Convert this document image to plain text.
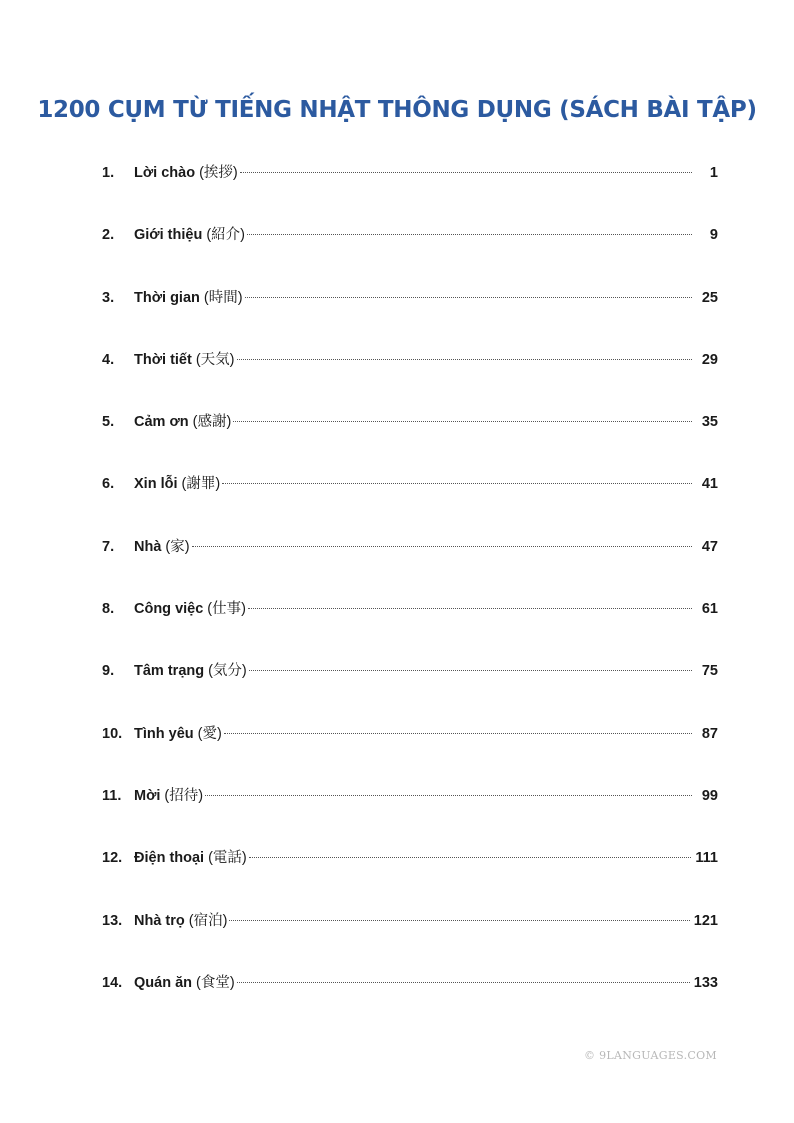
1200 CỤM TỪ TIẾNG NHẬT THÔNG DỤNG (SÁCH BÀI TẬP)
1.	Lời chào (挨拶)	1
2.	Giới thiệu (紹介)	9
3.	Thời gian (時間)	25
4.	Thời tiết (天気)	29
5.	Cảm ơn (感謝)	35
6.	Xin lỗi (謝罪)	41
7.	Nhà (家)	47
8.	Công việc (仕事)	61
9.	Tâm trạng (気分)	75
10. Tình yêu (愛)	87
11. Mời (招待)	99
12. Điện thoại (電話)	111
13. Nhà trọ (宿泊)	121
14. Quán ăn (食堂)	133
© 9LANGUAGES.COM
